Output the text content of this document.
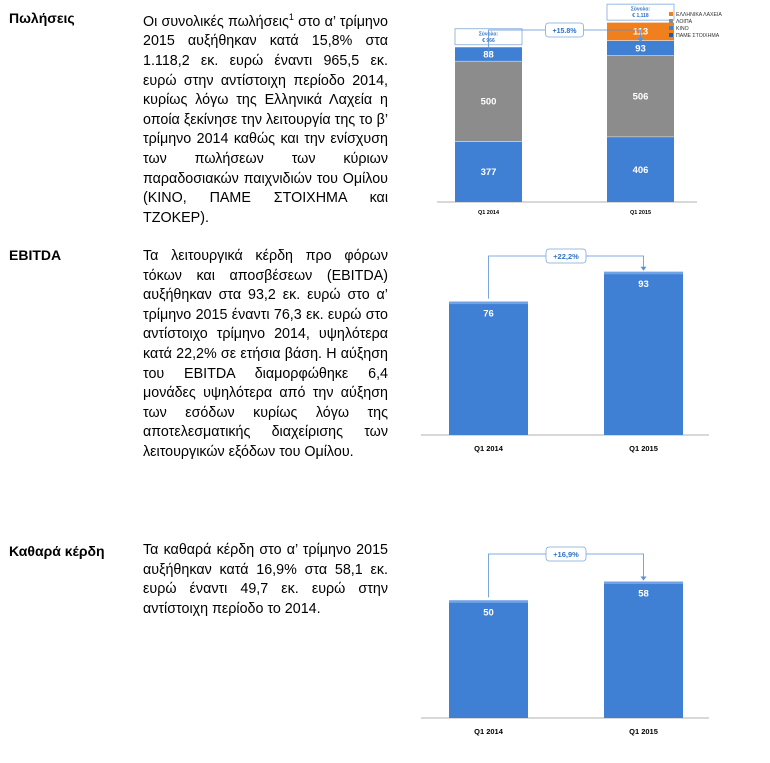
Πωλήσεις	Οι συνολικές πωλήσεις$^1$ στο α’ τρίμηνο 2015 αυξήθηκαν κατά 15,8% στα 1.118,2 εκ. ευρώ έναντι 965,5 εκ. ευρώ στην αντίστοιχη περίοδο 2014, κυρίως λόγω της Ελληνικά Λαχεία η οποία ξεκίνησε την λειτουργία της το β’ τρίμηνο 2014 καθώς και την ενίσχυση των πωλήσεων των κύριων παραδοσιακών παιχνιδιών του Ομίλου (ΚΙΝΟ, ΠΑΜΕ ΣΤΟΙΧΗΜΑ και ΤΖΟΚΕΡ).
377
500
88
Σύνολο:
€ 966
Q1 2014
406
506
93
113
Σύνολο:
€ 1,118
Q1 2015
+15.8%
ΕΛΛΗΝΙΚΑ ΛΑΧΕΙΑ
ΛΟΙΠΑ
ΚΙΝΟ
ΠΑΜΕ ΣΤΟΙΧΗΜΑ
EBITDA	Τα λειτουργικά κέρδη προ φόρων τόκων και αποσβέσεων (EBITDA) αυξήθηκαν στα 93,2 εκ. ευρώ στο α’ τρίμηνο 2015 έναντι 76,3 εκ. ευρώ στο αντίστοιχο τρίμηνο 2014, υψηλότερα κατά 22,2% σε ετήσια βάση. Η αύξηση του EBITDA διαμορφώθηκε 6,4 μονάδες υψηλότερα από την αύξηση των εσόδων κυρίως λόγω της αποτελεσματικής διαχείρισης των λειτουργικών εξόδων του Ομίλου.
76
Q1 2014
93
Q1 2015
+22,2%
Καθαρά κέρδη	Τα καθαρά κέρδη στο α’ τρίμηνο 2015 αυξήθηκαν κατά 16,9% στα 58,1 εκ. ευρώ έναντι 49,7 εκ. ευρώ στην αντίστοιχη περίοδο το 2014.	50
Q1 2014
58
Q1 2015
+16,9%
